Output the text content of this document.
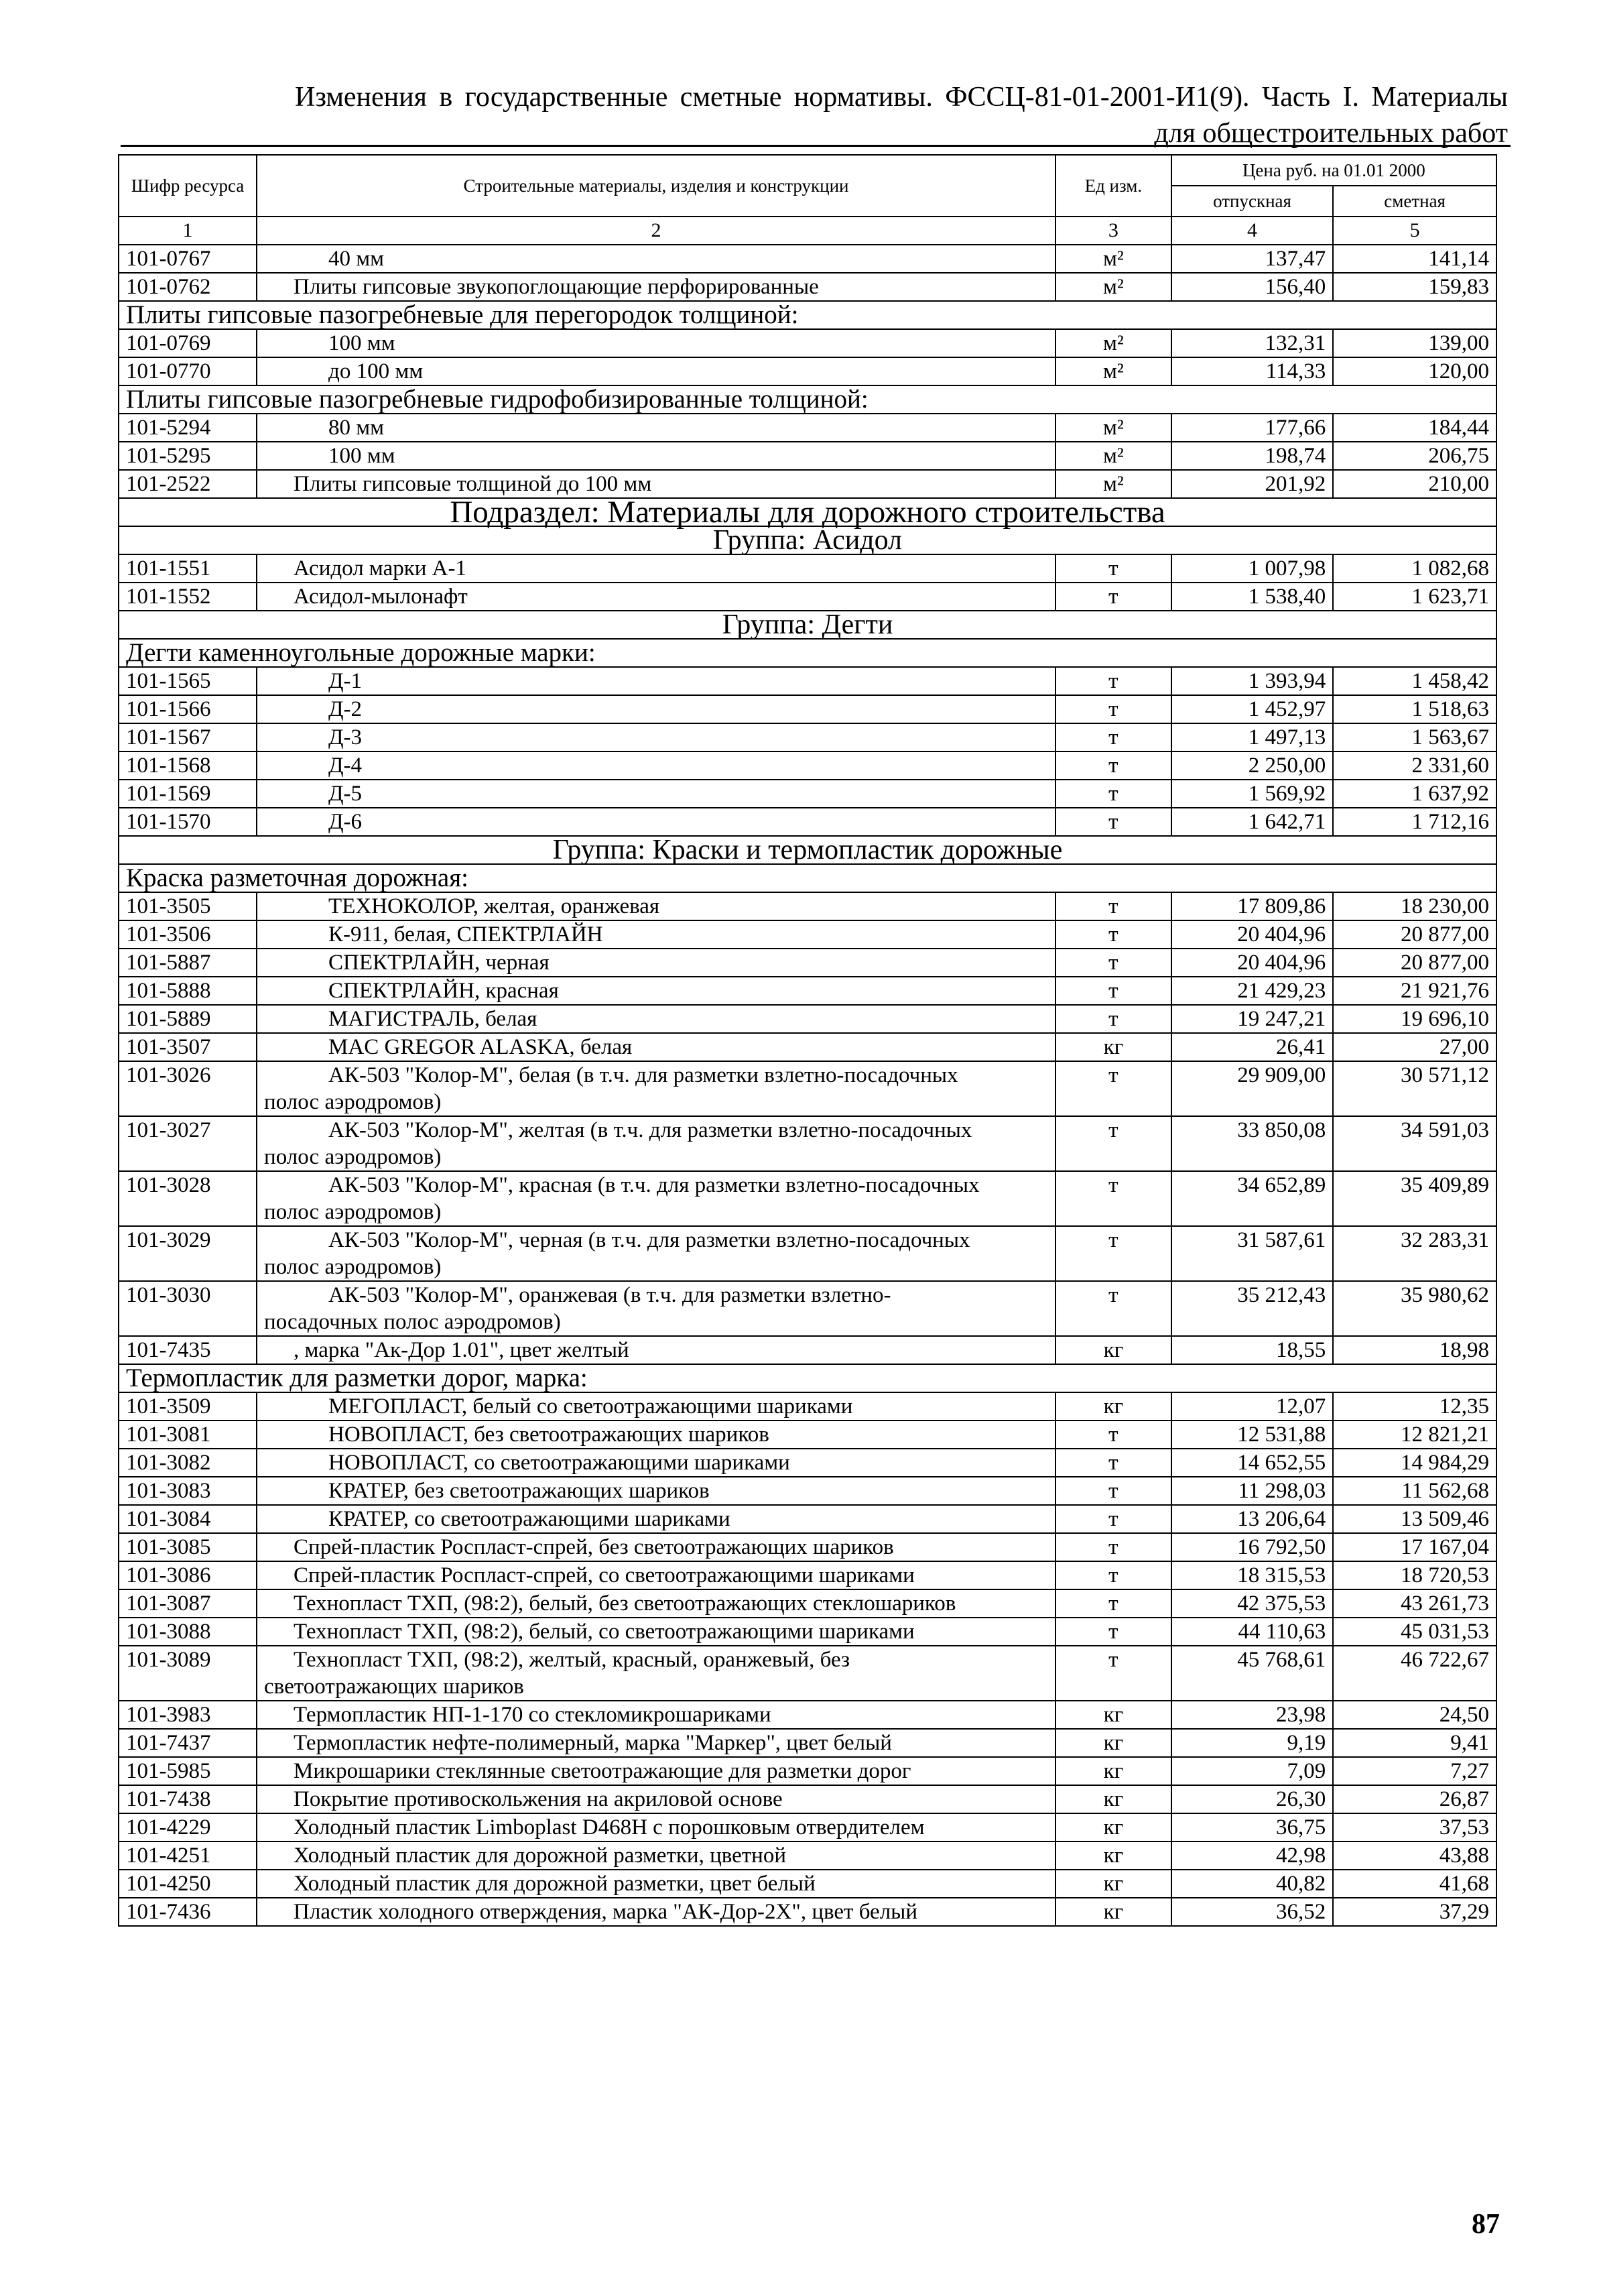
Изменения в государственные сметные нормативы. ФССЦ-81-01-2001-И1(9). Часть I. Материалы для общестроительных работ
Шифр ресурса	Строительные материалы, изделия и конструкции	Ед изм.	Цена руб. на 01.01 2000	
			отпускная	сметная
1	2	3	4	5
101-0767	40 мм	м²	137,47	141,14
101-0762	Плиты гипсовые звукопоглощающие перфорированные	м²	156,40	159,83
Плиты гипсовые пазогребневые для перегородок толщиной:				
101-0769	100 мм	м²	132,31	139,00
101-0770	до 100 мм	м²	114,33	120,00
Плиты гипсовые пазогребневые гидрофобизированные толщиной:				
101-5294	80 мм	м²	177,66	184,44
101-5295	100 мм	м²	198,74	206,75
101-2522	Плиты гипсовые толщиной до 100 мм	м²	201,92	210,00
Подраздел: Материалы для дорожного строительства				
Группа: Асидол				
101-1551	Асидол марки А-1	т	1 007,98	1 082,68
101-1552	Асидол-мылонафт	т	1 538,40	1 623,71
Группа: Дегти				
Дегти каменноугольные дорожные марки:				
101-1565	Д-1	т	1 393,94	1 458,42
101-1566	Д-2	т	1 452,97	1 518,63
101-1567	Д-3	т	1 497,13	1 563,67
101-1568	Д-4	т	2 250,00	2 331,60
101-1569	Д-5	т	1 569,92	1 637,92
101-1570	Д-6	т	1 642,71	1 712,16
Группа: Краски и термопластик дорожные				
Краска разметочная дорожная:				
101-3505	ТЕХНОКОЛОР, желтая, оранжевая	т	17 809,86	18 230,00
101-3506	К-911, белая, СПЕКТРЛАЙН	т	20 404,96	20 877,00
101-5887	СПЕКТРЛАЙН, черная	т	20 404,96	20 877,00
101-5888	СПЕКТРЛАЙН, красная	т	21 429,23	21 921,76
101-5889	МАГИСТРАЛЬ, белая	т	19 247,21	19 696,10
101-3507	MAC GREGOR ALASKA, белая	кг	26,41	27,00
101-3026	АК-503 "Колор-М", белая (в т.ч. для разметки взлетно-посадочных
полос аэродромов)	т	29 909,00	30 571,12
101-3027	АК-503 "Колор-М", желтая (в т.ч. для разметки взлетно-посадочных
полос аэродромов)	т	33 850,08	34 591,03
101-3028	АК-503 "Колор-М", красная (в т.ч. для разметки взлетно-посадочных
полос аэродромов)	т	34 652,89	35 409,89
101-3029	АК-503 "Колор-М", черная (в т.ч. для разметки взлетно-посадочных
полос аэродромов)	т	31 587,61	32 283,31
101-3030	АК-503 "Колор-М", оранжевая (в т.ч. для разметки взлетно-
посадочных полос аэродромов)	т	35 212,43	35 980,62
101-7435	, марка "Ак-Дор 1.01", цвет желтый	кг	18,55	18,98
Термопластик для разметки дорог, марка:				
101-3509	МЕГОПЛАСТ, белый со светоотражающими шариками	кг	12,07	12,35
101-3081	НОВОПЛАСТ, без светоотражающих шариков	т	12 531,88	12 821,21
101-3082	НОВОПЛАСТ, со светоотражающими шариками	т	14 652,55	14 984,29
101-3083	КРАТЕР, без светоотражающих шариков	т	11 298,03	11 562,68
101-3084	КРАТЕР, со светоотражающими шариками	т	13 206,64	13 509,46
101-3085	Спрей-пластик Роспласт-спрей, без светоотражающих шариков	т	16 792,50	17 167,04
101-3086	Спрей-пластик Роспласт-спрей, со светоотражающими шариками	т	18 315,53	18 720,53
101-3087	Технопласт ТХП, (98:2), белый, без светоотражающих стеклошариков	т	42 375,53	43 261,73
101-3088	Технопласт ТХП, (98:2), белый, со светоотражающими шариками	т	44 110,63	45 031,53
101-3089	Технопласт ТХП, (98:2), желтый, красный, оранжевый, без
светоотражающих шариков	т	45 768,61	46 722,67
101-3983	Термопластик НП-1-170 со стекломикрошариками	кг	23,98	24,50
101-7437	Термопластик нефте-полимерный, марка "Маркер", цвет белый	кг	9,19	9,41
101-5985	Микрошарики стеклянные светоотражающие для разметки дорог	кг	7,09	7,27
101-7438	Покрытие противоскольжения на акриловой основе	кг	26,30	26,87
101-4229	Холодный пластик Limboplast D468H с порошковым отвердителем	кг	36,75	37,53
101-4251	Холодный пластик для дорожной разметки, цветной	кг	42,98	43,88
101-4250	Холодный пластик для дорожной разметки, цвет белый	кг	40,82	41,68
101-7436	Пластик холодного отверждения, марка "АК-Дор-2Х", цвет белый	кг	36,52	37,29
87
